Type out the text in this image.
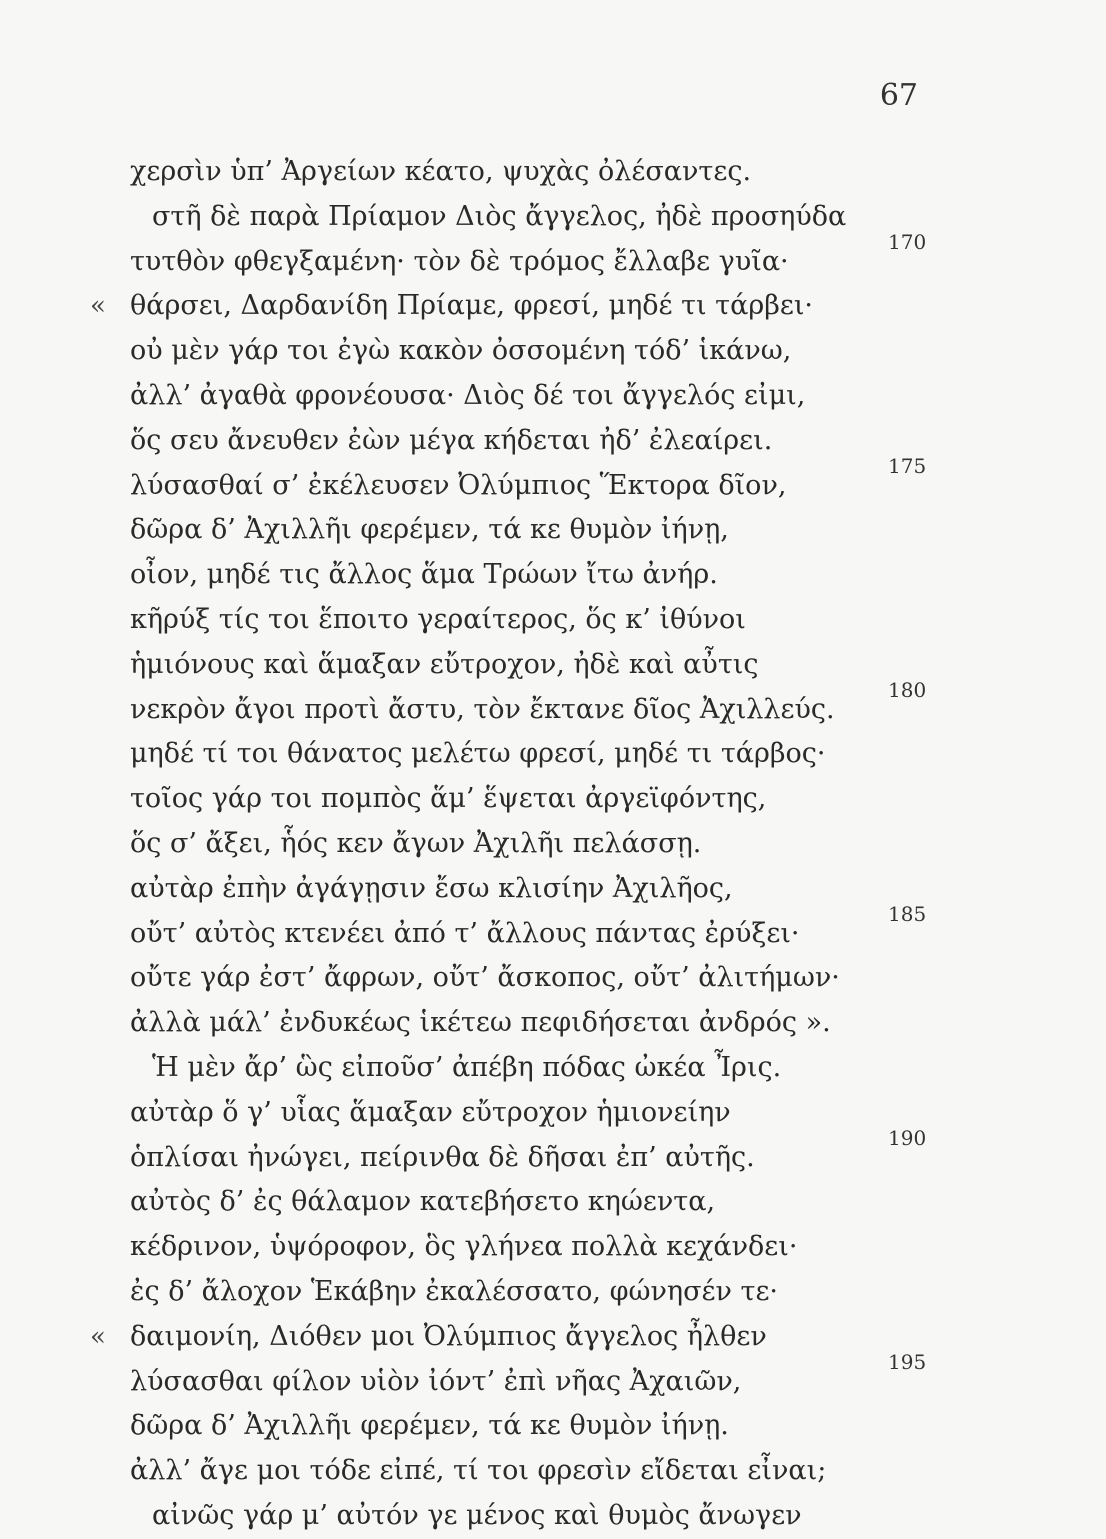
67
χερσὶν ὑπ’ Ἀργείων κέατο, ψυχὰς ὀλέσαντες.
στῆ δὲ παρὰ Πρίαμον Διὸς ἄγγελος, ἠδὲ προσηύδα
τυτθὸν φθεγξαμένη· τὸν δὲ τρόμος ἔλλαβε γυῖα·
170
« θάρσει, Δαρδανίδη Πρίαμε, φρεσί, μηδέ τι τάρβει·
οὐ μὲν γάρ τοι ἐγὼ κακὸν ὀσσομένη τόδ’ ἱκάνω,
ἀλλ’ ἀγαθὰ φρονέουσα· Διὸς δέ τοι ἄγγελός εἰμι,
ὅς σευ ἄνευθεν ἐὼν μέγα κήδεται ἠδ’ ἐλεαίρει.
λύσασθαί σ’ ἐκέλευσεν Ὀλύμπιος Ἕκτορα δῖον,
175
δῶρα δ’ Ἀχιλλῆι φερέμεν, τά κε θυμὸν ἰήνῃ,
οἶον, μηδέ τις ἄλλος ἅμα Τρώων ἴτω ἀνήρ.
κῆρύξ τίς τοι ἕποιτο γεραίτερος, ὅς κ’ ἰθύνοι
ἡμιόνους καὶ ἅμαξαν εὔτροχον, ἠδὲ καὶ αὖτις
νεκρὸν ἄγοι προτὶ ἄστυ, τὸν ἔκτανε δῖος Ἀχιλλεύς.
180
μηδέ τί τοι θάνατος μελέτω φρεσί, μηδέ τι τάρβος·
τοῖος γάρ τοι πομπὸς ἅμ’ ἕψεται ἀργεϊφόντης,
ὅς σ’ ἄξει, ἧός κεν ἄγων Ἀχιλῆι πελάσσῃ.
αὐτὰρ ἐπὴν ἀγάγῃσιν ἔσω κλισίην Ἀχιλῆος,
οὔτ’ αὐτὸς κτενέει ἀπό τ’ ἄλλους πάντας ἐρύξει·
185
οὔτε γάρ ἐστ’ ἄφρων, οὔτ’ ἄσκοπος, οὔτ’ ἀλιτήμων·
ἀλλὰ μάλ’ ἐνδυκέως ἱκέτεω πεφιδήσεται ἀνδρός ».
Ἡ μὲν ἄρ’ ὣς εἰποῦσ’ ἀπέβη πόδας ὠκέα Ἶρις.
αὐτὰρ ὅ γ’ υἷας ἅμαξαν εὔτροχον ἡμιονείην
ὁπλίσαι ἠνώγει, πείρινθα δὲ δῆσαι ἐπ’ αὐτῆς.
190
αὐτὸς δ’ ἐς θάλαμον κατεβήσετο κηώεντα,
κέδρινον, ὑψόροφον, ὃς γλήνεα πολλὰ κεχάνδει·
ἐς δ’ ἄλοχον Ἑκάβην ἐκαλέσσατο, φώνησέν τε·
« δαιμονίη, Διόθεν μοι Ὀλύμπιος ἄγγελος ἦλθεν
λύσασθαι φίλον υἱὸν ἰόντ’ ἐπὶ νῆας Ἀχαιῶν,
195
δῶρα δ’ Ἀχιλλῆι φερέμεν, τά κε θυμὸν ἰήνῃ.
ἀλλ’ ἄγε μοι τόδε εἰπέ, τί τοι φρεσὶν εἴδεται εἶναι;
αἰνῶς γάρ μ’ αὐτόν γε μένος καὶ θυμὸς ἄνωγεν
